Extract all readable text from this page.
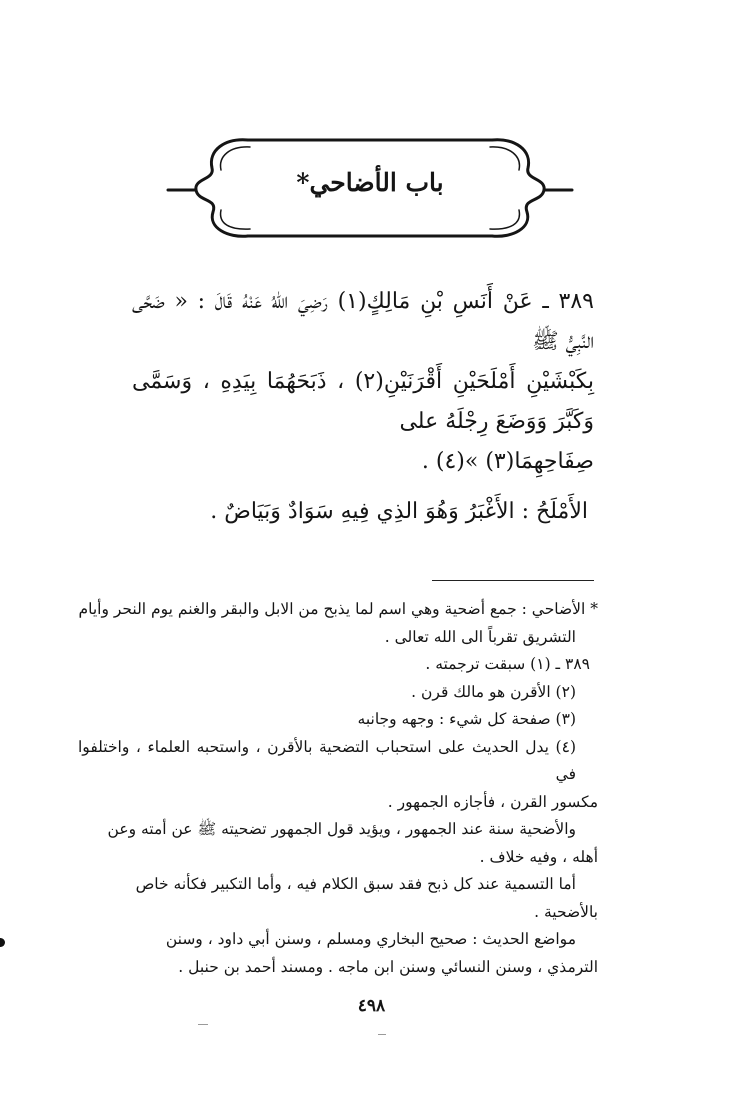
باب الأضاحي*

٣٨٩ ـ عَنْ أَنَسِ بْنِ مَالِكٍ(١) رَضِيَ اللهُ عَنْهُ قَالَ : « ضَحَّى النَّبِيُّ ﷺ

بِكَبْشَيْنِ أَمْلَحَيْنِ أَقْرَنَيْنِ(٢) ، ذَبَحَهُمَا بِيَدِهِ ، وَسَمَّى وَكَبَّرَ وَوَضَعَ رِجْلَهُ على

صِفَاحِهِمَا(٣) »(٤) .

الأَمْلَحُ : الأَغْبَرُ وَهُوَ الذِي فِيهِ سَوَادٌ وَبَيَاضٌ .

* الأضاحي : جمع أضحية وهي اسم لما يذبح من الابل والبقر والغنم يوم النحر وأيام

التشريق تقرباً الى الله تعالى .

٣٨٩ ـ (١) سبقت ترجمته .

(٢) الأقرن هو مالك قرن .

(٣) صفحة كل شيء : وجهه وجانبه

(٤) يدل الحديث على استحباب التضحية بالأقرن ، واستحبه العلماء ، واختلفوا في

مكسور القرن ، فأجازه الجمهور .

والأضحية سنة عند الجمهور ، ويؤيد قول الجمهور تضحيته ﷺ عن أمته وعن

أهله ، وفيه خلاف .

أما التسمية عند كل ذبح فقد سبق الكلام فيه ، وأما التكبير فكأنه خاص

بالأضحية .

مواضع الحديث : صحيح البخاري ومسلم ، وسنن أبي داود ، وسنن

الترمذي ، وسنن النسائي وسنن ابن ماجه . ومسند أحمد بن حنبل .

٤٩٨
